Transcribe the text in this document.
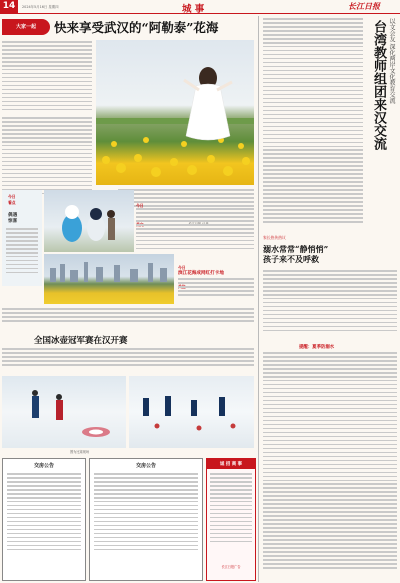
14	2024年5月16日 星期四	城 事	长江日报
大家一起	快来享受武汉的“阿勒泰”花海
今日
看点
偶遇
惊喜
今日

今日

滨江花海成网红打卡地
全国冰壶冠军赛在汉开赛
图为比赛现场
交房公告	交房公告	诚 招 商 事
长江日报广告
以文会友 深化两岸文化教育交流
台湾教师组团来汉交流
家长热传热议
溺水常常“静悄悄”
孩子来不及呼救
提醒：夏季防溺水
